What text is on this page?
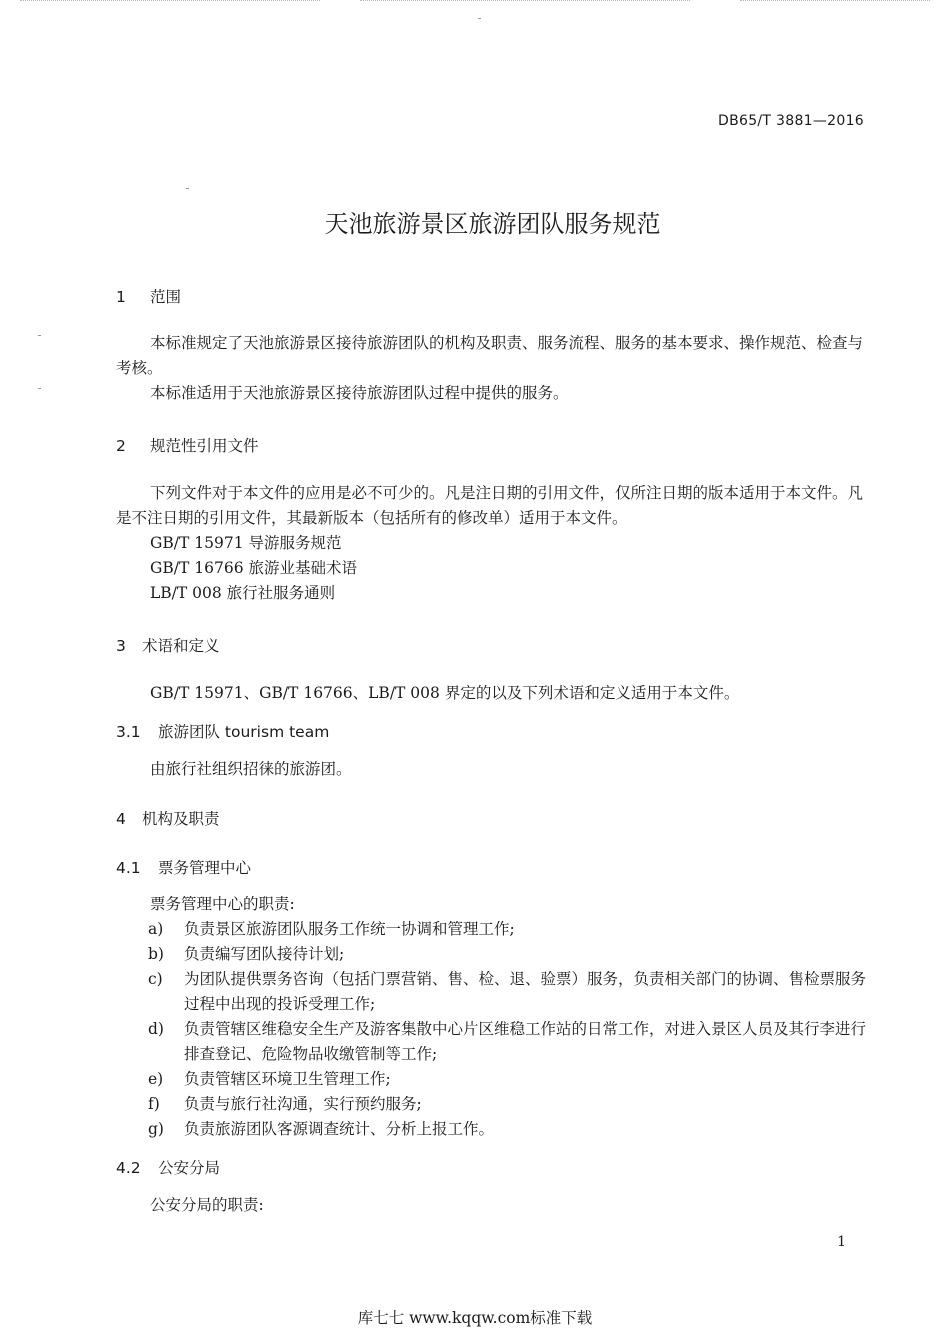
DB65/T 3881—2016
天池旅游景区旅游团队服务规范
1 范围
本标准规定了天池旅游景区接待旅游团队的机构及职责、服务流程、服务的基本要求、操作规范、检查与考核。
本标准适用于天池旅游景区接待旅游团队过程中提供的服务。
2 规范性引用文件
下列文件对于本文件的应用是必不可少的。凡是注日期的引用文件，仅所注日期的版本适用于本文件。凡是不注日期的引用文件，其最新版本（包括所有的修改单）适用于本文件。
GB/T 15971 导游服务规范
GB/T 16766 旅游业基础术语
LB/T 008 旅行社服务通则
3 术语和定义
GB/T 15971、GB/T 16766、LB/T 008 界定的以及下列术语和定义适用于本文件。
3.1 旅游团队 tourism team
由旅行社组织招徕的旅游团。
4 机构及职责
4.1 票务管理中心
票务管理中心的职责:
a) 负责景区旅游团队服务工作统一协调和管理工作;
b) 负责编写团队接待计划;
c) 为团队提供票务咨询（包括门票营销、售、检、退、验票）服务，负责相关部门的协调、售检票服务过程中出现的投诉受理工作;
d) 负责管辖区维稳安全生产及游客集散中心片区维稳工作站的日常工作，对进入景区人员及其行李进行排查登记、危险物品收缴管制等工作;
e) 负责管辖区环境卫生管理工作;
f) 负责与旅行社沟通，实行预约服务;
g) 负责旅游团队客源调查统计、分析上报工作。
4.2 公安分局
公安分局的职责:
1
库七七 www.kqqw.com标准下载
